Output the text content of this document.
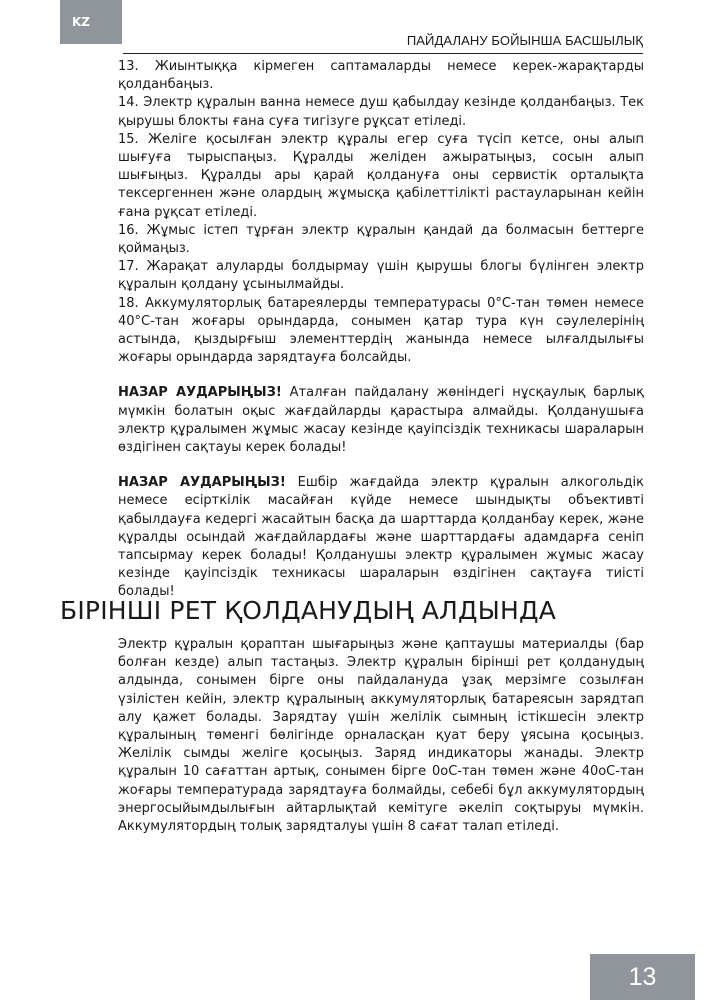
KZ
ПАЙДАЛАНУ БОЙЫНША БАСШЫЛЫҚ

13. Жиынтыққа кірмеген саптамаларды немесе керек-жарақтарды қолданбаңыз.

14. Электр құралын ванна немесе душ қабылдау кезінде қолданбаңыз. Тек қырушы блокты ғана суға тигізуге рұқсат етіледі.

15. Желіге қосылған электр құралы егер суға түсіп кетсе, оны алып шығуға тырыспаңыз. Құралды желіден ажыратыңыз, сосын алып шығыңыз. Құралды ары қарай қолдануға оны сервистік орталықта тексергеннен және олардың жұмысқа қабілеттілікті растауларынан кейін ғана рұқсат етіледі.

16. Жұмыс істеп тұрған электр құралын қандай да болмасын беттерге қоймаңыз.

17. Жарақат алуларды болдырмау үшін қырушы блогы бүлінген электр құралын қолдану ұсынылмайды.

18. Аккумуляторлық батареялерды температурасы 0°С-тан төмен немесе 40°С-тан жоғары орындарда, сонымен қатар тура күн сәулелерінің астында, қыздырғыш элементтердің жанында немесе ылғалдылығы жоғары орындарда зарядтауға болсайды.

НАЗАР АУДАРЫҢЫЗ! Аталған пайдалану жөніндегі нұсқаулық барлық мүмкін болатын оқыс жағдайларды қарастыра алмайды. Қолданушыға электр құралымен жұмыс жасау кезінде қауіпсіздік техникасы шараларын өздігінен сақтауы керек болады!

НАЗАР АУДАРЫҢЫЗ! Ешбір жағдайда электр құралын алкогольдік немесе есірткілік масайған күйде немесе шындықты объективті қабылдауға кедергі жасайтын басқа да шарттарда қолданбау керек, және құралды осындай жағдайлардағы және шарттардағы адамдарға сеніп тапсырмау керек болады! Қолданушы электр құралымен жұмыс жасау кезінде қауіпсіздік техникасы шараларын өздігінен сақтауға тиісті болады!

БІРІНШІ РЕТ ҚОЛДАНУДЫҢ АЛДЫНДА

Электр құралын қораптан шығарыңыз және қаптаушы материалды (бар болған кезде) алып тастаңыз. Электр құралын бірінші рет қолданудың алдында, сонымен бірге оны пайдалануда ұзақ мерзімге созылған үзілістен кейін, электр құралының аккумуляторлық батареясын зарядтап алу қажет болады. Зарядтау үшін желілік сымның істікшесін электр құралының төменгі бөлігінде орналасқан қуат беру ұясына қосыңыз. Желілік сымды желіге қосыңыз. Заряд индикаторы жанады. Электр құралын 10 сағаттан артық, сонымен бірге 0оС-тан төмен және 40оС-тан жоғары температурада зарядтауға болмайды, себебі бұл аккумулятордың энергосыйымдылығын айтарлықтай кемітуге әкеліп соқтыруы мүмкін. Аккумулятордың толық зарядталуы үшін 8 сағат талап етіледі.

13
